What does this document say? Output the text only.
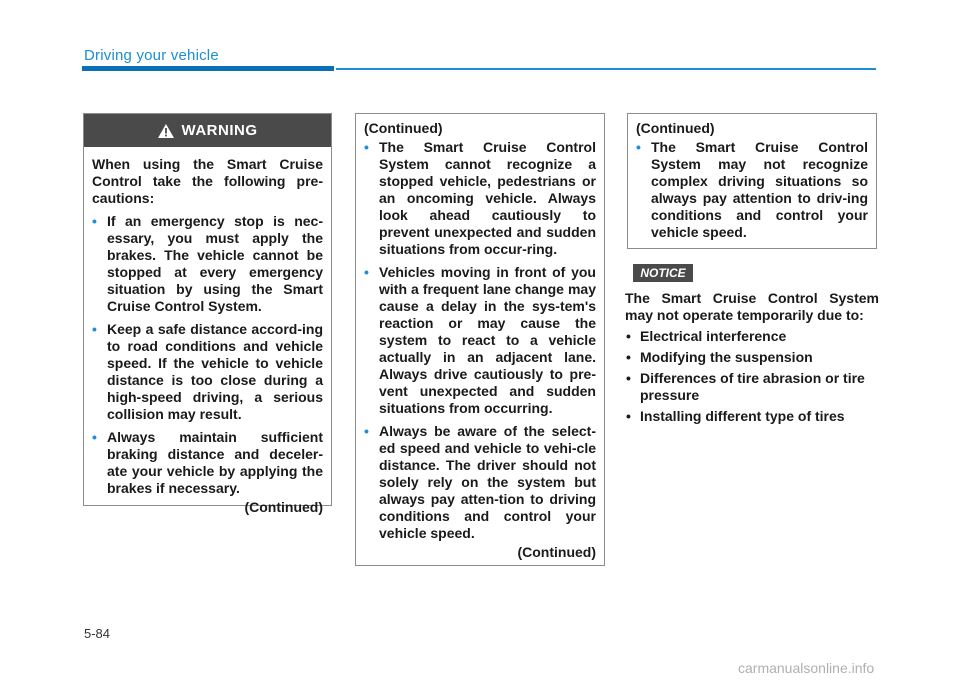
Driving your vehicle

WARNING

When using the Smart Cruise Control take the following pre-cautions:

• If an emergency stop is nec-essary, you must apply the brakes. The vehicle cannot be stopped at every emergency situation by using the Smart Cruise Control System.
• Keep a safe distance accord-ing to road conditions and vehicle speed. If the vehicle to vehicle distance is too close during a high-speed driving, a serious collision may result.
• Always maintain sufficient braking distance and deceler-ate your vehicle by applying the brakes if necessary.
(Continued)
(Continued)
• The Smart Cruise Control System cannot recognize a stopped vehicle, pedestrians or an oncoming vehicle. Always look ahead cautiously to prevent unexpected and sudden situations from occur-ring.
• Vehicles moving in front of you with a frequent lane change may cause a delay in the sys-tem's reaction or may cause the system to react to a vehicle actually in an adjacent lane. Always drive cautiously to pre-vent unexpected and sudden situations from occurring.
• Always be aware of the select-ed speed and vehicle to vehi-cle distance. The driver should not solely rely on the system but always pay atten-tion to driving conditions and control your vehicle speed.
(Continued)
(Continued)
• The Smart Cruise Control System may not recognize complex driving situations so always pay attention to driv-ing conditions and control your vehicle speed.
NOTICE
The Smart Cruise Control System may not operate temporarily due to:
• Electrical interference
• Modifying the suspension
• Differences of tire abrasion or tire pressure
• Installing different type of tires
5-84
carmanualsonline.info
